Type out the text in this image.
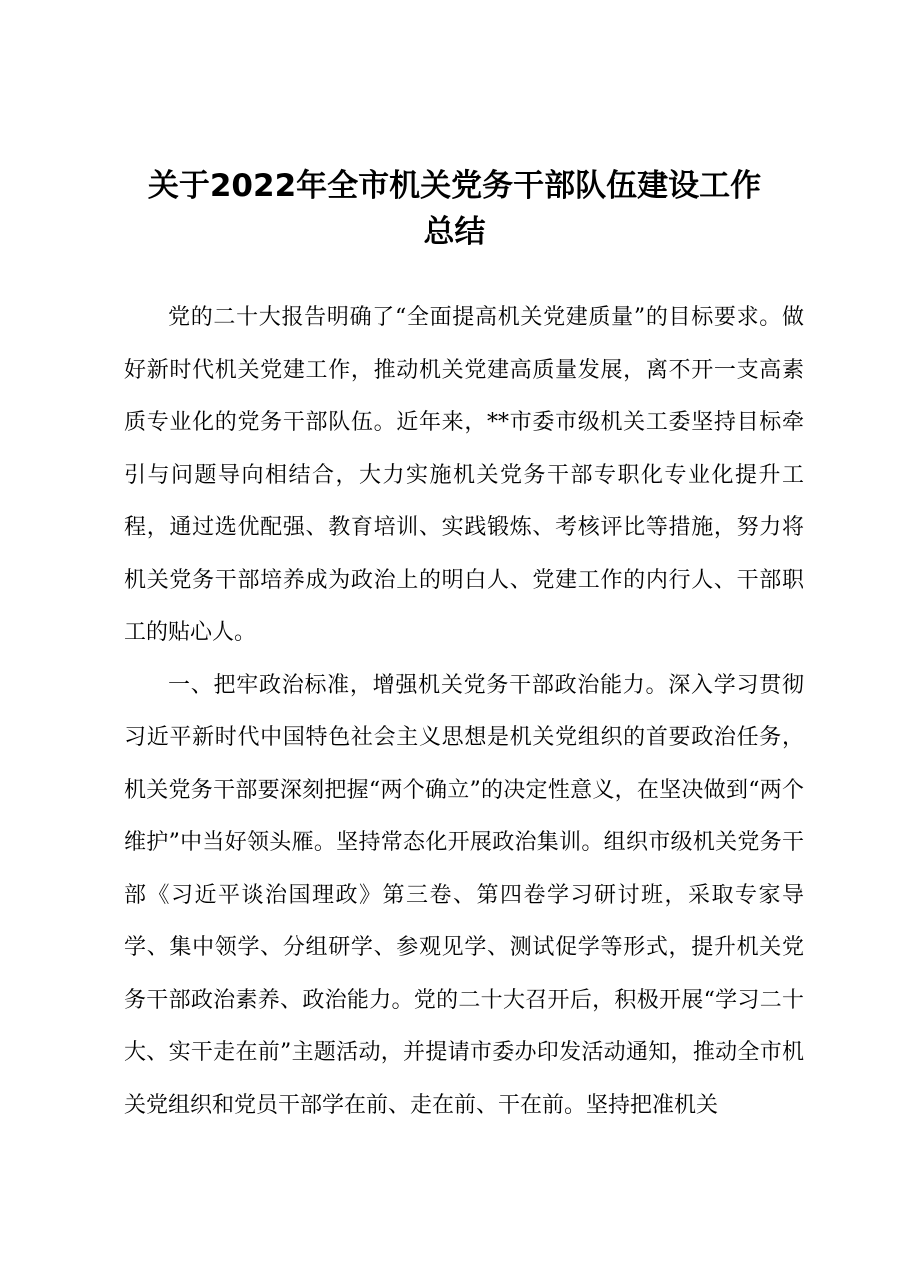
关于2022年全市机关党务干部队伍建设工作
总结

党的二十大报告明确了“全面提高机关党建质量”的目标要求。做好新时代机关党建工作，推动机关党建高质量发展，离不开一支高素质专业化的党务干部队伍。近年来，**市委市级机关工委坚持目标牵引与问题导向相结合，大力实施机关党务干部专职化专业化提升工程，通过选优配强、教育培训、实践锻炼、考核评比等措施，努力将机关党务干部培养成为政治上的明白人、党建工作的内行人、干部职工的贴心人。

一、把牢政治标准，增强机关党务干部政治能力。深入学习贯彻习近平新时代中国特色社会主义思想是机关党组织的首要政治任务，机关党务干部要深刻把握“两个确立”的决定性意义，在坚决做到“两个维护”中当好领头雁。坚持常态化开展政治集训。组织市级机关党务干部《习近平谈治国理政》第三卷、第四卷学习研讨班，采取专家导学、集中领学、分组研学、参观见学、测试促学等形式，提升机关党务干部政治素养、政治能力。党的二十大召开后，积极开展“学习二十大、实干走在前”主题活动，并提请市委办印发活动通知，推动全市机关党组织和党员干部学在前、走在前、干在前。坚持把准机关
